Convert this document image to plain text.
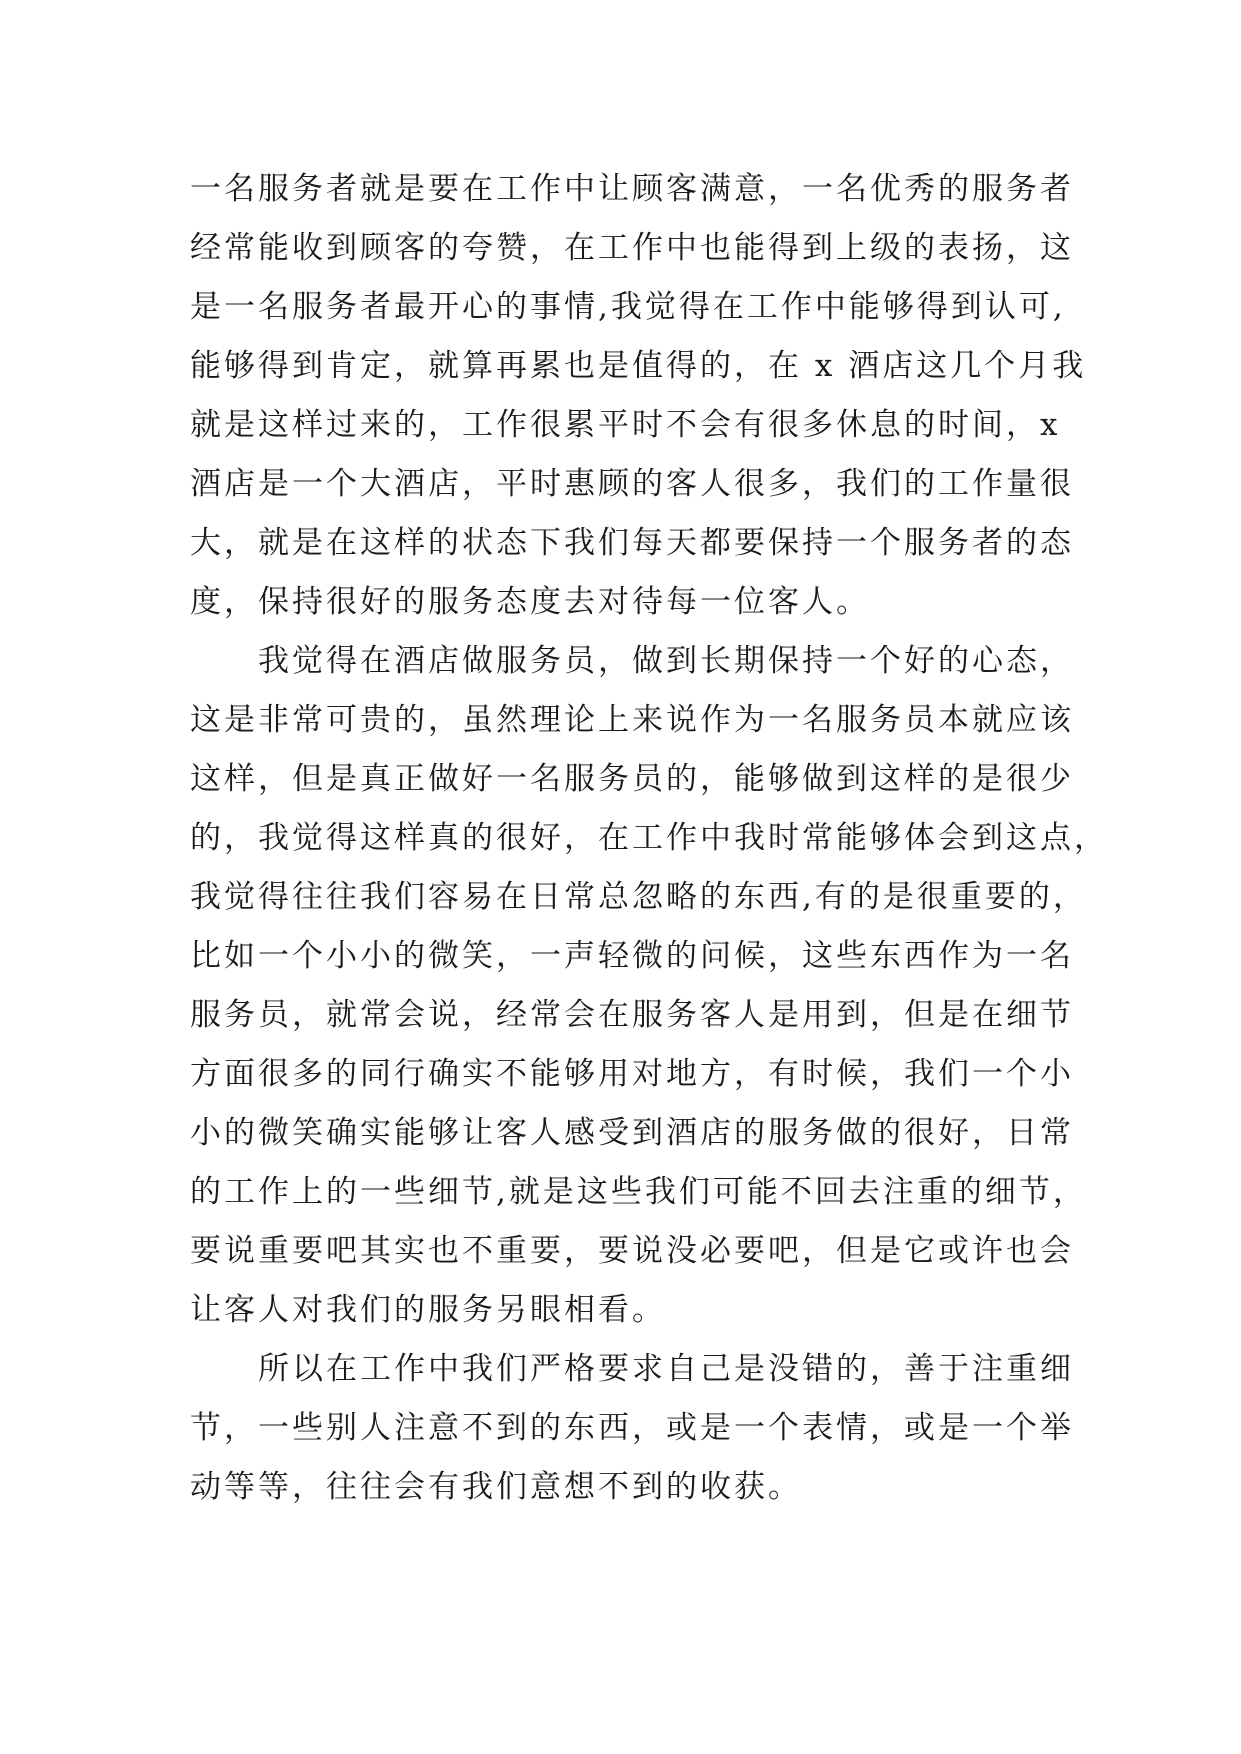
一名服务者就是要在工作中让顾客满意，一名优秀的服务者
经常能收到顾客的夸赞，在工作中也能得到上级的表扬，这
是一名服务者最开心的事情,我觉得在工作中能够得到认可,
能够得到肯定，就算再累也是值得的，在 x 酒店这几个月我
就是这样过来的，工作很累平时不会有很多休息的时间，x
酒店是一个大酒店，平时惠顾的客人很多，我们的工作量很
大，就是在这样的状态下我们每天都要保持一个服务者的态
度，保持很好的服务态度去对待每一位客人。
　　我觉得在酒店做服务员，做到长期保持一个好的心态，
这是非常可贵的，虽然理论上来说作为一名服务员本就应该
这样，但是真正做好一名服务员的，能够做到这样的是很少
的，我觉得这样真的很好，在工作中我时常能够体会到这点，
我觉得往往我们容易在日常总忽略的东西,有的是很重要的，
比如一个小小的微笑，一声轻微的问候，这些东西作为一名
服务员，就常会说，经常会在服务客人是用到，但是在细节
方面很多的同行确实不能够用对地方，有时候，我们一个小
小的微笑确实能够让客人感受到酒店的服务做的很好，日常
的工作上的一些细节,就是这些我们可能不回去注重的细节，
要说重要吧其实也不重要，要说没必要吧，但是它或许也会
让客人对我们的服务另眼相看。
　　所以在工作中我们严格要求自己是没错的，善于注重细
节，一些别人注意不到的东西，或是一个表情，或是一个举
动等等，往往会有我们意想不到的收获。
